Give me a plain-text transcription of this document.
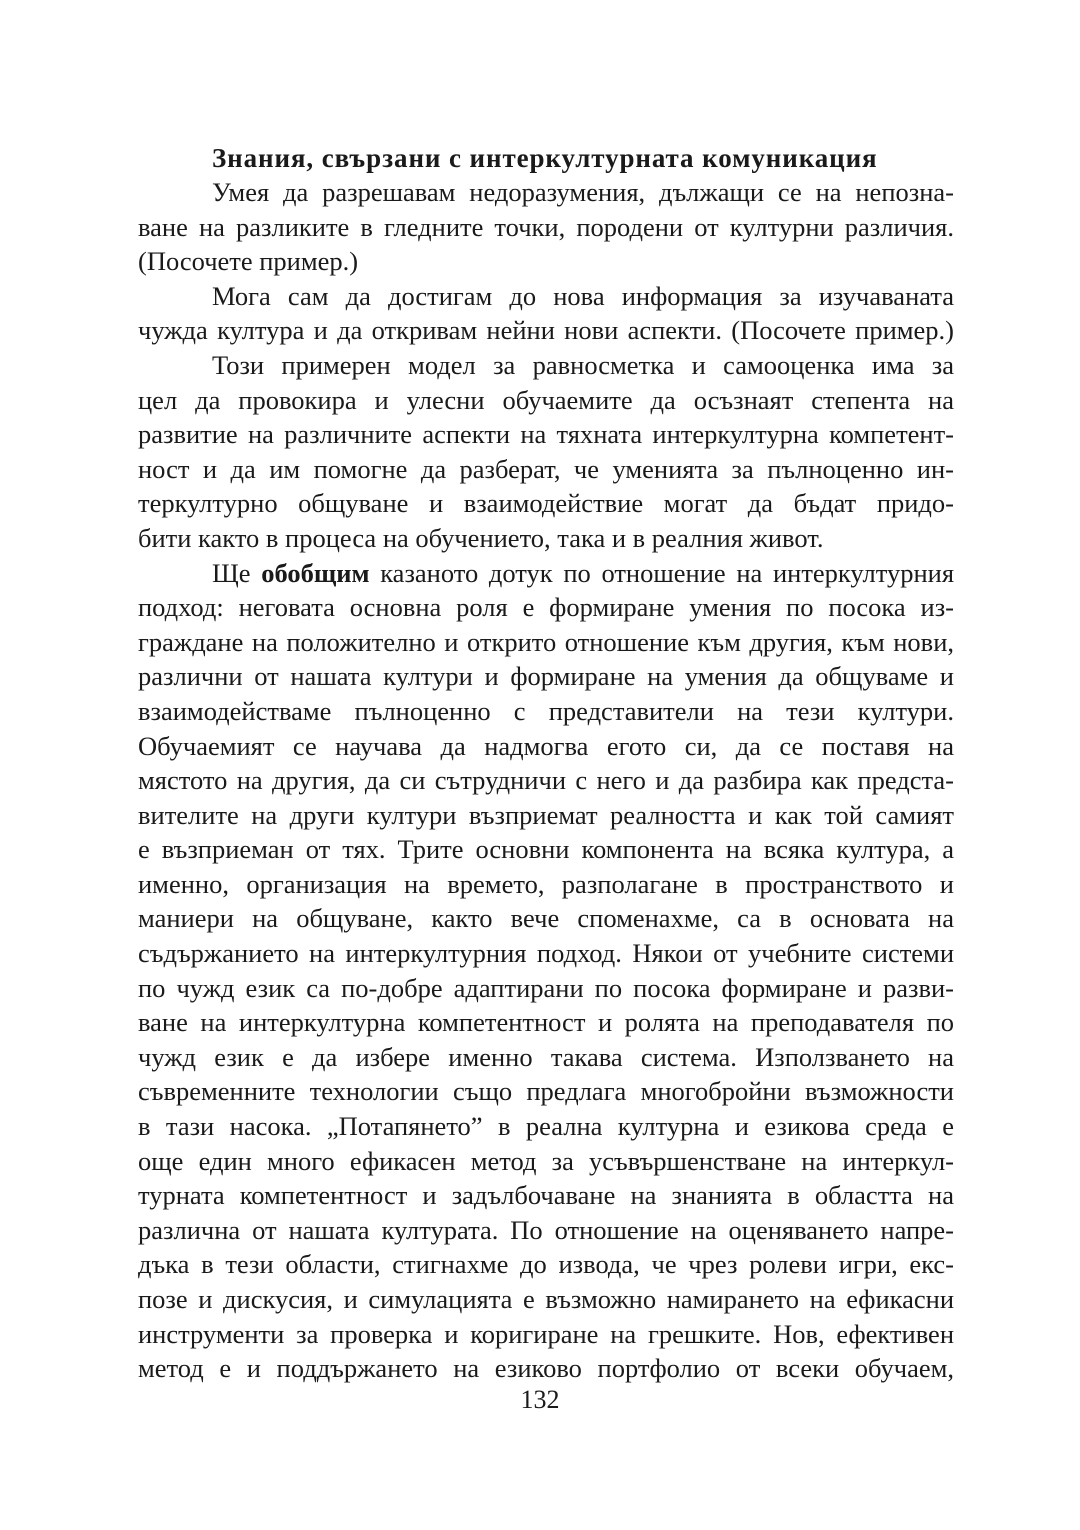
Знания, свързани с интеркултурната комуникация

Умея да разрешавам недоразумения, дължащи се на непозна-
ване на разликите в гледните точки, породени от културни различия.
(Посочете пример.)
Мога сам да достигам до нова информация за изучаваната
чужда култура и да откривам нейни нови аспекти. (Посочете пример.)
Този примерен модел за равносметка и самооценка има за
цел да провокира и улесни обучаемите да осъзнаят степента на
развитие на различните аспекти на тяхната интеркултурна компетент-
ност и да им помогне да разберат, че уменията за пълноценно ин-
теркултурно общуване и взаимодействие могат да бъдат придо-
бити както в процеса на обучението, така и в реалния живот.
Ще обобщим казаното дотук по отношение на интеркултурния
подход: неговата основна роля е формиране умения по посока из-
граждане на положително и открито отношение към другия, към нови,
различни от нашата култури и формиране на умения да общуваме и
взаимодействаме пълноценно с представители на тези култури.
Обучаемият се научава да надмогва егото си, да се поставя на
мястото на другия, да си сътрудничи с него и да разбира как предста-
вителите на други култури възприемат реалността и как той самият
е възприеман от тях. Трите основни компонента на всяка култура, а
именно, организация на времето, разполагане в пространството и
маниери на общуване, както вече споменахме, са в основата на
съдържанието на интеркултурния подход. Някои от учебните системи
по чужд език са по-добре адаптирани по посока формиране и разви-
ване на интеркултурна компетентност и ролята на преподавателя по
чужд език е да избере именно такава система. Използването на
съвременните технологии също предлага многобройни възможности
в тази насока. „Потапянето” в реална културна и езикова среда е
още един много ефикасен метод за усъвършенстване на интеркул-
турната компетентност и задълбочаване на знанията в областта на
различна от нашата културата. По отношение на оценяването напре-
дъка в тези области, стигнахме до извода, че чрез ролеви игри, екс-
позе и дискусия, и симулацията е възможно намирането на ефикасни
инструменти за проверка и коригиране на грешките. Нов, ефективен
метод е и поддържането на езиково портфолио от всеки обучаем,
132
